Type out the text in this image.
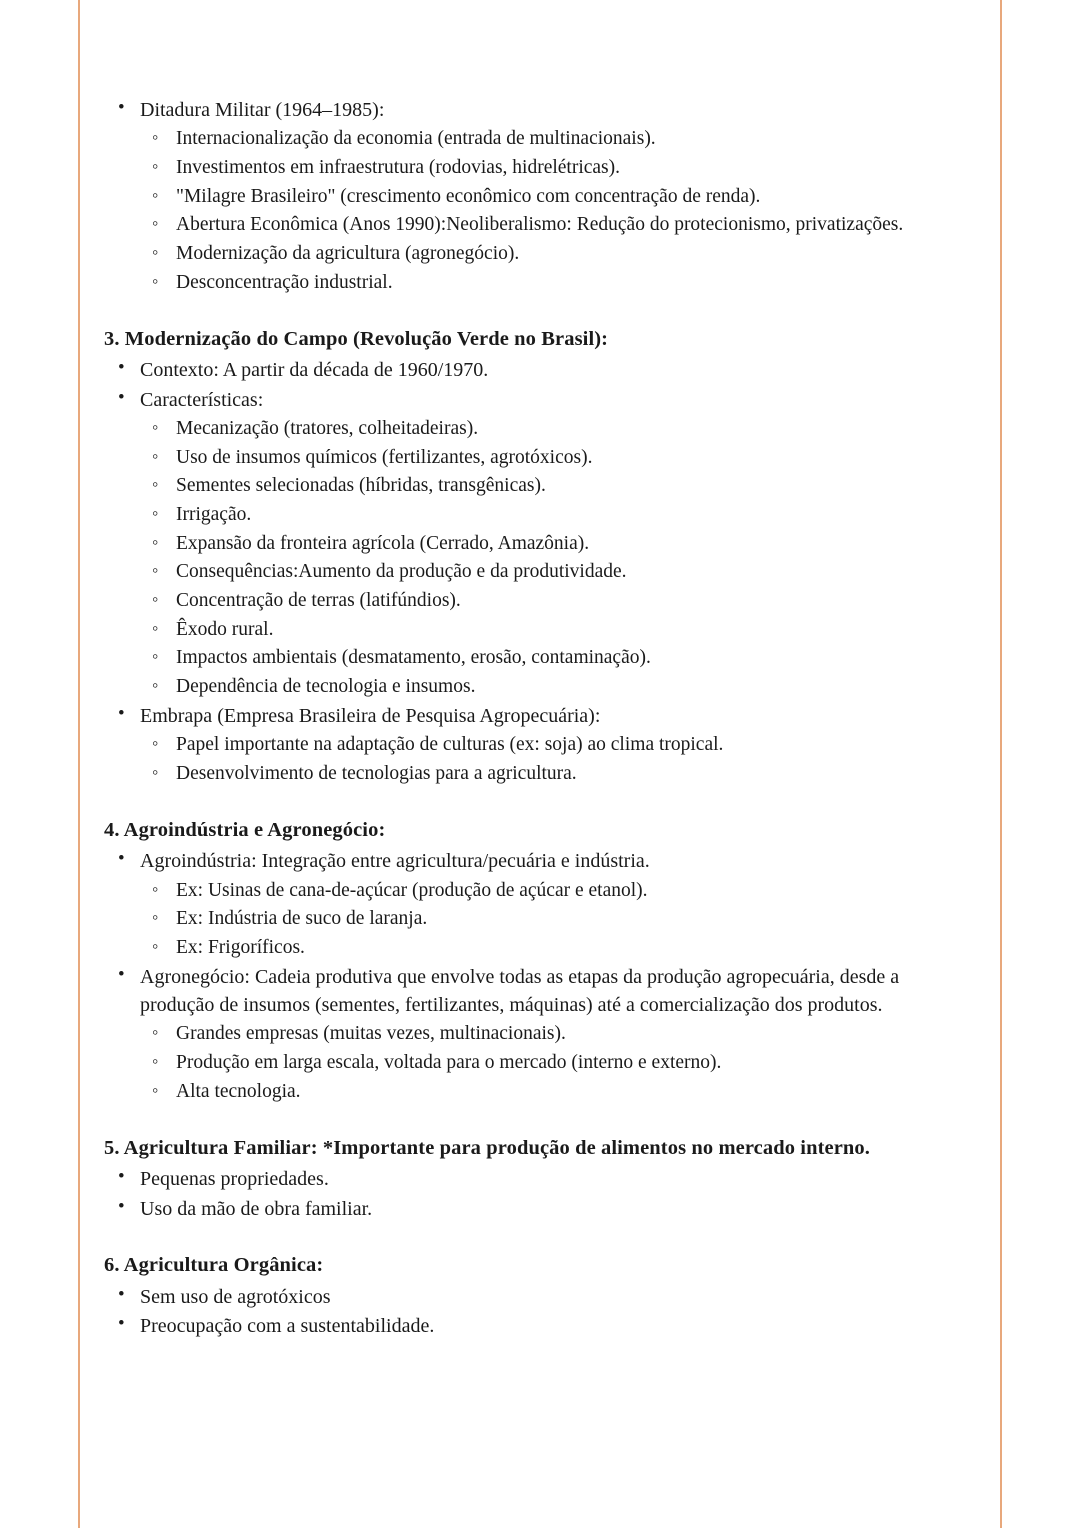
• Ditadura Militar (1964–1985):
◦ Internacionalização da economia (entrada de multinacionais).
◦ Investimentos em infraestrutura (rodovias, hidrelétricas).
◦ "Milagre Brasileiro" (crescimento econômico com concentração de renda).
◦ Abertura Econômica (Anos 1990):Neoliberalismo: Redução do protecionismo, privatizações.
◦ Modernização da agricultura (agronegócio).
◦ Desconcentração industrial.
3. Modernização do Campo (Revolução Verde no Brasil):
• Contexto: A partir da década de 1960/1970.
• Características:
◦ Mecanização (tratores, colheitadeiras).
◦ Uso de insumos químicos (fertilizantes, agrotóxicos).
◦ Sementes selecionadas (híbridas, transgênicas).
◦ Irrigação.
◦ Expansão da fronteira agrícola (Cerrado, Amazônia).
◦ Consequências:Aumento da produção e da produtividade.
◦ Concentração de terras (latifúndios).
◦ Êxodo rural.
◦ Impactos ambientais (desmatamento, erosão, contaminação).
◦ Dependência de tecnologia e insumos.
• Embrapa (Empresa Brasileira de Pesquisa Agropecuária):
◦ Papel importante na adaptação de culturas (ex: soja) ao clima tropical.
◦ Desenvolvimento de tecnologias para a agricultura.
4. Agroindústria e Agronegócio:
• Agroindústria: Integração entre agricultura/pecuária e indústria.
◦ Ex: Usinas de cana-de-açúcar (produção de açúcar e etanol).
◦ Ex: Indústria de suco de laranja.
◦ Ex: Frigoríficos.
• Agronegócio: Cadeia produtiva que envolve todas as etapas da produção agropecuária, desde a produção de insumos (sementes, fertilizantes, máquinas) até a comercialização dos produtos.
◦ Grandes empresas (muitas vezes, multinacionais).
◦ Produção em larga escala, voltada para o mercado (interno e externo).
◦ Alta tecnologia.
5. Agricultura Familiar: *Importante para produção de alimentos no mercado interno.
• Pequenas propriedades.
• Uso da mão de obra familiar.
6. Agricultura Orgânica:
• Sem uso de agrotóxicos
• Preocupação com a sustentabilidade.
